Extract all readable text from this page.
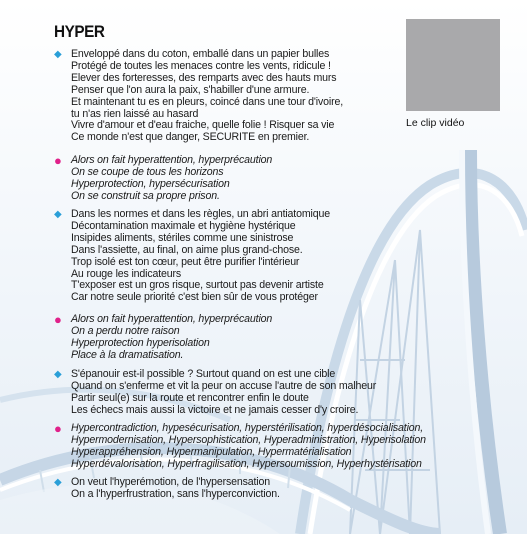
HYPER
Le clip vidéo
◆ Enveloppé dans du coton, emballé dans un papier bulles
Protégé de toutes les menaces contre les vents, ridicule !
Elever des forteresses, des remparts avec des hauts murs
Penser que l'on aura la paix, s'habiller d'une armure.
Et maintenant tu es en pleurs, coincé dans une tour d'ivoire,
tu n'as rien laissé au hasard
Vivre d'amour et d'eau fraiche, quelle folie ! Risquer sa vie
Ce monde n'est que danger, SECURITE en premier.
● Alors on fait hyperattention, hyperprécaution
On se coupe de tous les horizons
Hyperprotection, hypersécurisation
On se construit sa propre prison.
◆ Dans les normes et dans les règles, un abri antiatomique
Décontamination maximale et hygiène hystérique
Insipides aliments, stériles comme une sinistrose
Dans l'assiette, au final, on aime plus grand-chose.
Trop isolé est ton cœur, peut être purifier l'intérieur
Au rouge les indicateurs
T'exposer est un gros risque, surtout pas devenir artiste
Car notre seule priorité c'est bien sûr de vous protéger
● Alors on fait hyperattention, hyperprécaution
On a perdu notre raison
Hyperprotection hyperisolation
Place à la dramatisation.
◆ S'épanouir est-il possible ? Surtout quand on est une cible
Quand on s'enferme et vit la peur on accuse l'autre de son malheur
Partir seul(e) sur la route et rencontrer enfin le doute
Les échecs mais aussi la victoire et ne jamais cesser d'y croire.
● Hypercontradiction, hypesécurisation, hyperstérilisation, hyperdésocialisation,
Hypermodernisation, Hypersophistication, Hyperadministration, Hyperisolation
Hyperappréhension, Hypermanipulation, Hypermatérialisation
Hyperdévalorisation, Hyperfragilisation, Hypersoumission, Hyperhystérisation
◆ On veut l'hyperémotion, de l'hypersensation
On a l'hyperfrustration, sans l'hyperconviction.
